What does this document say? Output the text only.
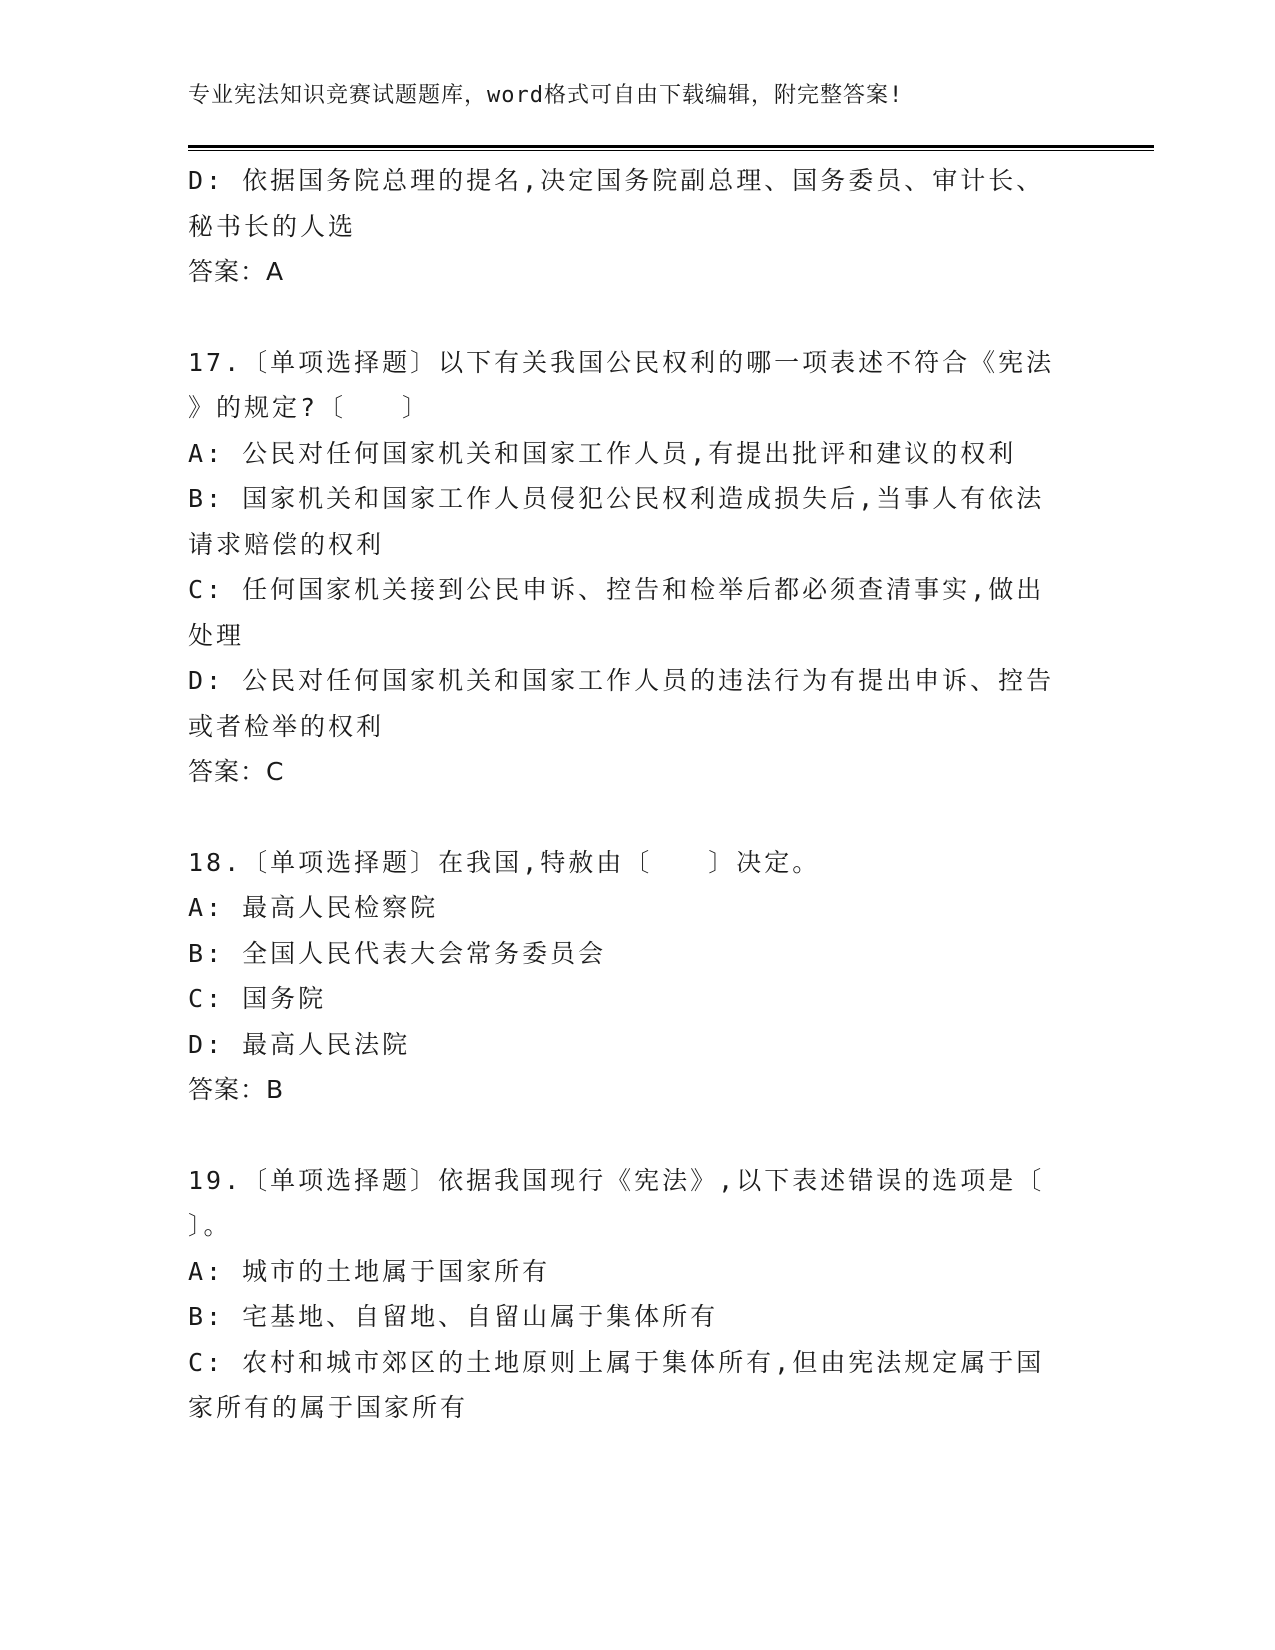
专业宪法知识竞赛试题题库，word格式可自由下载编辑，附完整答案!
D: 依据国务院总理的提名,决定国务院副总理、国务委员、审计长、
秘书长的人选
答案：A
17.〔单项选择题〕以下有关我国公民权利的哪一项表述不符合《宪法
》的规定?〔　　〕
A: 公民对任何国家机关和国家工作人员,有提出批评和建议的权利
B: 国家机关和国家工作人员侵犯公民权利造成损失后,当事人有依法
请求赔偿的权利
C: 任何国家机关接到公民申诉、控告和检举后都必须查清事实,做出
处理
D: 公民对任何国家机关和国家工作人员的违法行为有提出申诉、控告
或者检举的权利
答案：C
18.〔单项选择题〕在我国,特赦由〔　　〕决定。
A: 最高人民检察院
B: 全国人民代表大会常务委员会
C: 国务院
D: 最高人民法院
答案：B
19.〔单项选择题〕依据我国现行《宪法》,以下表述错误的选项是〔
〕。
A: 城市的土地属于国家所有
B: 宅基地、自留地、自留山属于集体所有
C: 农村和城市郊区的土地原则上属于集体所有,但由宪法规定属于国
家所有的属于国家所有
